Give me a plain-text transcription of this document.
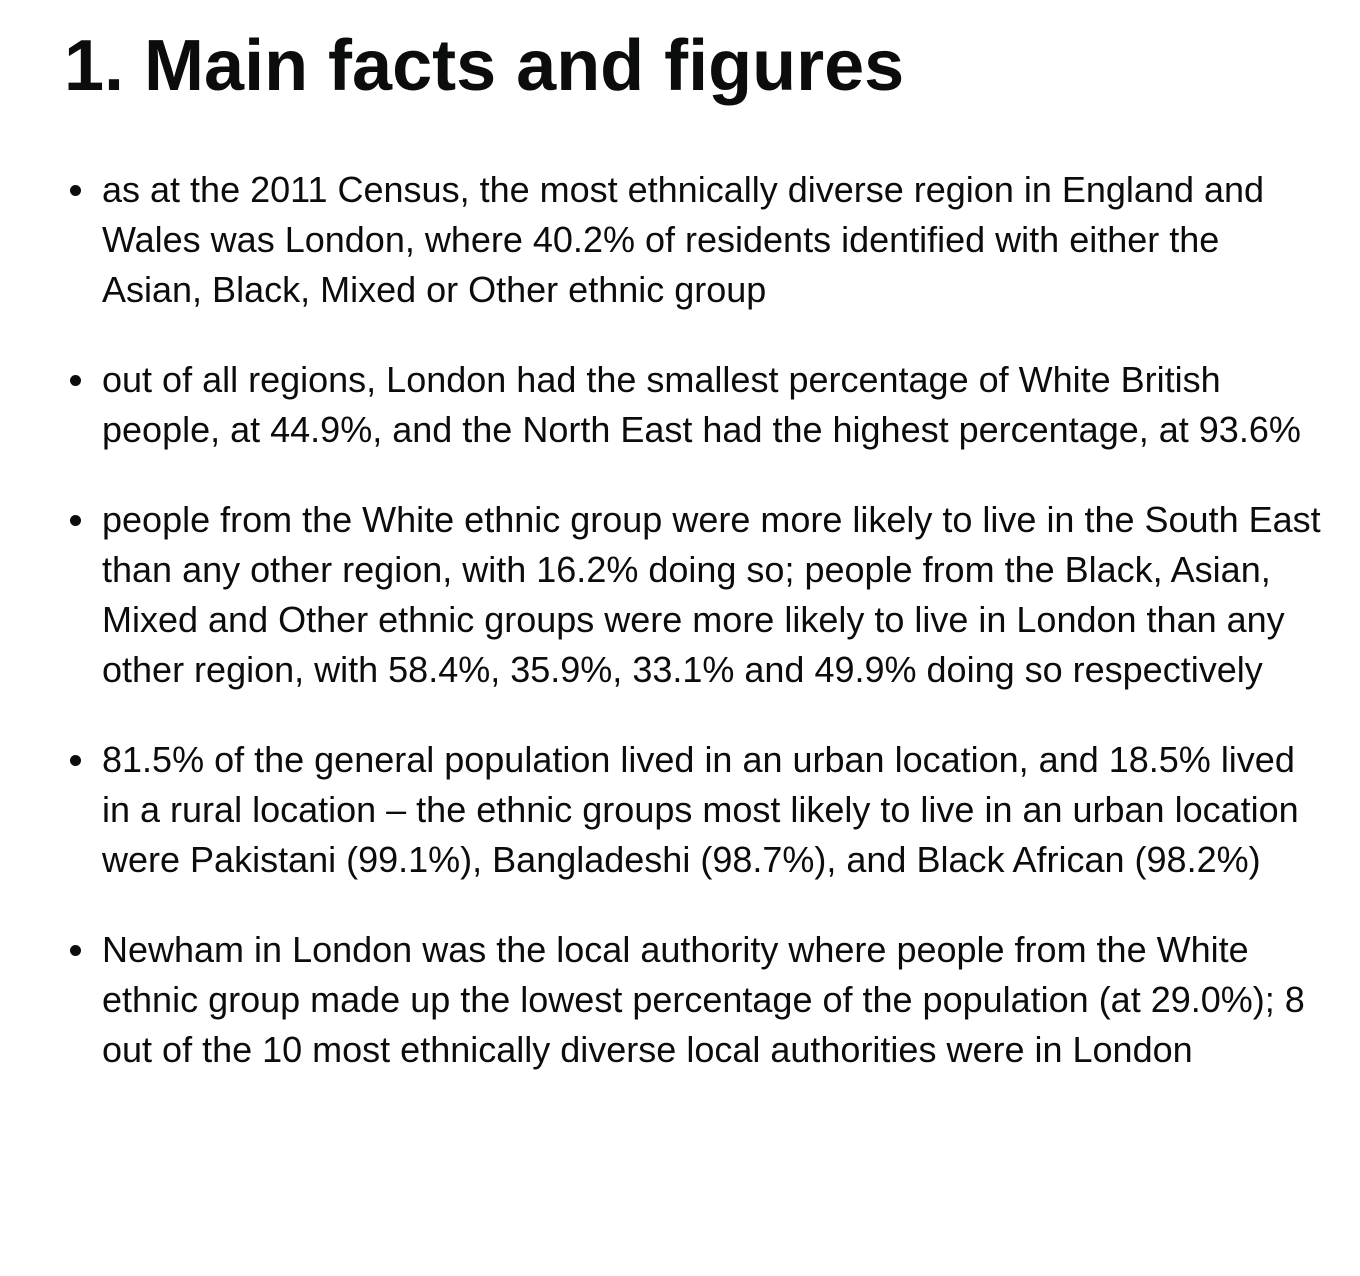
1. Main facts and figures
as at the 2011 Census, the most ethnically diverse region in England and Wales was London, where 40.2% of residents identified with either the Asian, Black, Mixed or Other ethnic group
out of all regions, London had the smallest percentage of White British people, at 44.9%, and the North East had the highest percentage, at 93.6%
people from the White ethnic group were more likely to live in the South East than any other region, with 16.2% doing so; people from the Black, Asian, Mixed and Other ethnic groups were more likely to live in London than any other region, with 58.4%, 35.9%, 33.1% and 49.9% doing so respectively
81.5% of the general population lived in an urban location, and 18.5% lived in a rural location – the ethnic groups most likely to live in an urban location were Pakistani (99.1%), Bangladeshi (98.7%), and Black African (98.2%)
Newham in London was the local authority where people from the White ethnic group made up the lowest percentage of the population (at 29.0%); 8 out of the 10 most ethnically diverse local authorities were in London
